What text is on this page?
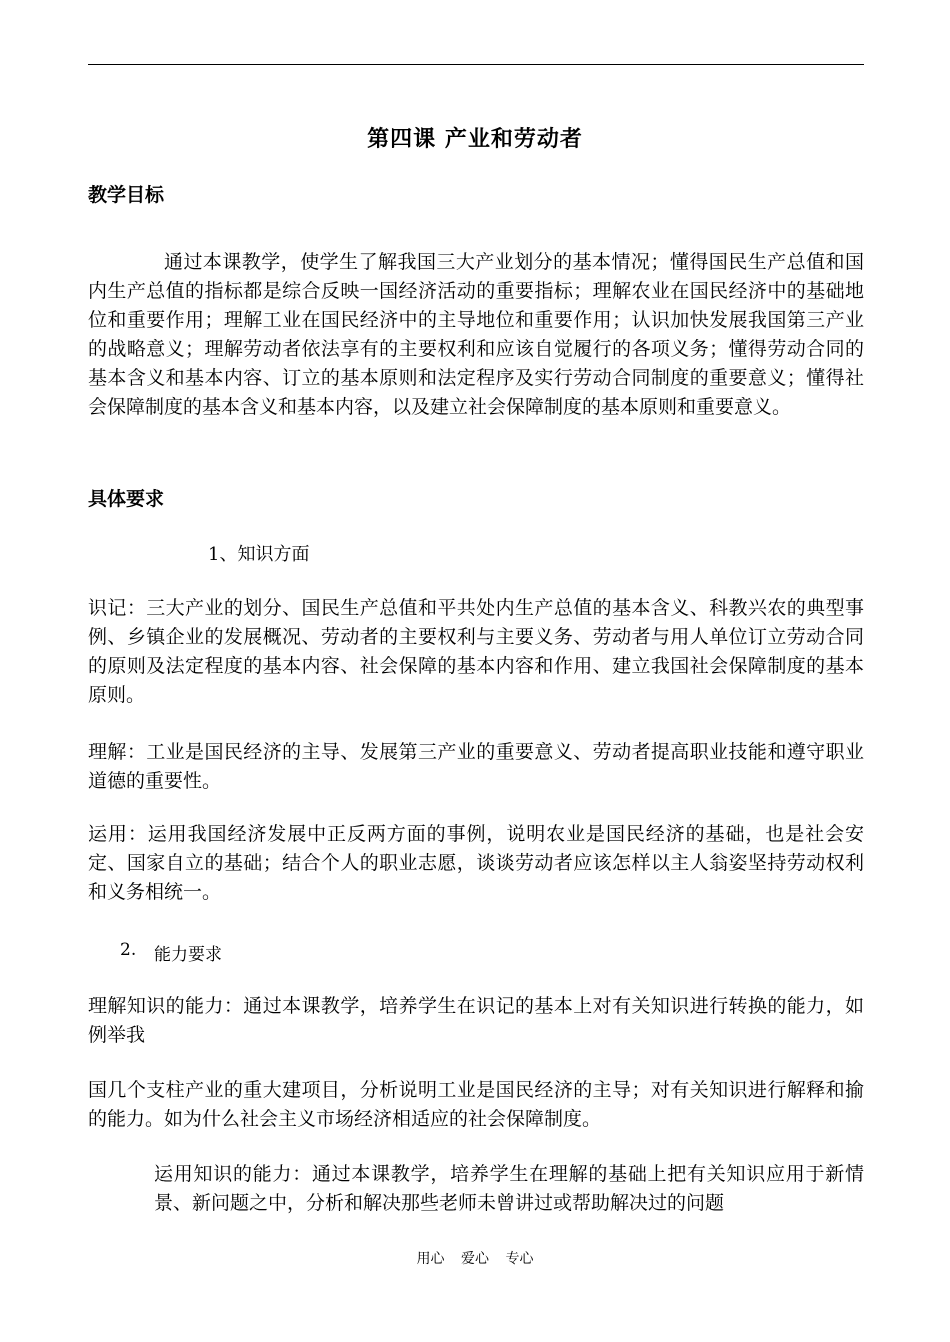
第四课 产业和劳动者
教学目标
通过本课教学，使学生了解我国三大产业划分的基本情况；懂得国民生产总值和国内生产总值的指标都是综合反映一国经济活动的重要指标；理解农业在国民经济中的基础地位和重要作用；理解工业在国民经济中的主导地位和重要作用；认识加快发展我国第三产业的战略意义；理解劳动者依法享有的主要权利和应该自觉履行的各项义务；懂得劳动合同的基本含义和基本内容、订立的基本原则和法定程序及实行劳动合同制度的重要意义；懂得社会保障制度的基本含义和基本内容，以及建立社会保障制度的基本原则和重要意义。
具体要求
1、知识方面
识记：三大产业的划分、国民生产总值和平共处内生产总值的基本含义、科教兴农的典型事例、乡镇企业的发展概况、劳动者的主要权利与主要义务、劳动者与用人单位订立劳动合同的原则及法定程度的基本内容、社会保障的基本内容和作用、建立我国社会保障制度的基本原则。
理解：工业是国民经济的主导、发展第三产业的重要意义、劳动者提高职业技能和遵守职业道德的重要性。
运用：运用我国经济发展中正反两方面的事例，说明农业是国民经济的基础，也是社会安定、国家自立的基础；结合个人的职业志愿，谈谈劳动者应该怎样以主人翁姿坚持劳动权利和义务相统一。
2. 能力要求
理解知识的能力：通过本课教学，培养学生在识记的基本上对有关知识进行转换的能力，如例举我
国几个支柱产业的重大建项目，分析说明工业是国民经济的主导；对有关知识进行解释和揄的能力。如为什么社会主义市场经济相适应的社会保障制度。
运用知识的能力：通过本课教学，培养学生在理解的基础上把有关知识应用于新情景、新问题之中，分析和解决那些老师未曾讲过或帮助解决过的问题
用心 爱心 专心
